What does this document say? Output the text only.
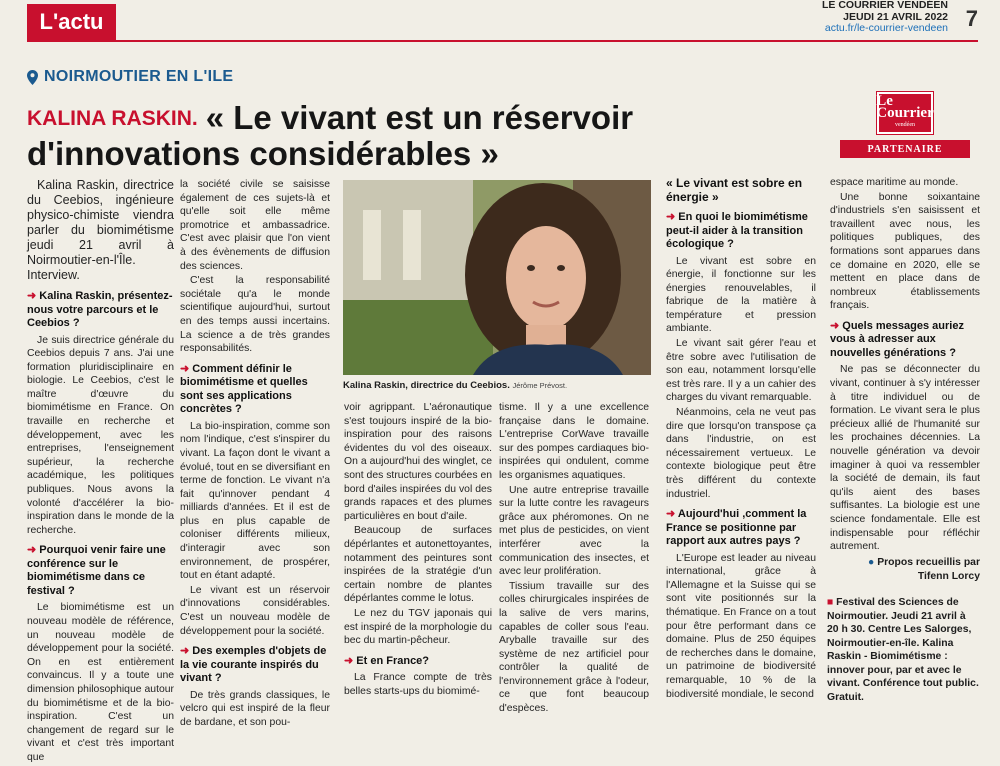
L'actu
LE COURRIER VENDÉEN
JEUDI 21 AVRIL 2022
actu.fr/le-courrier-vendeen 7
NOIRMOUTIER EN L'ILE
KALINA RASKIN. « Le vivant est un réservoir d'innovations considérables »
Le Courrier
vendéen
PARTENAIRE

Kalina Raskin, directrice du Ceebios, ingénieure physico-chimiste viendra parler du biomimétisme jeudi 21 avril à Noirmoutier-en-l'Île. Interview.

➜ Kalina Raskin, présentez-nous votre parcours et le Ceebios ?

Je suis directrice générale du Ceebios depuis 7 ans. J'ai une formation pluridisciplinaire en biologie. Le Ceebios, c'est le maître d'œuvre du biomimétisme en France. On travaille en recherche et développement, avec les entreprises, l'enseignement supérieur, la recherche académique, les politiques publiques. Nous avons la volonté d'accélérer la bio-inspiration dans le monde de la recherche.

➜ Pourquoi venir faire une conférence sur le biomimétisme dans ce festival ?

Le biomimétisme est un nouveau modèle de référence, un nouveau modèle de développement pour la société. On en est entièrement convaincus. Il y a toute une dimension philosophique autour du biomimétisme et de la bio-inspiration. C'est un changement de regard sur le vivant et c'est très important que

la société civile se saisisse également de ces sujets-là et qu'elle soit elle même promotrice et ambassadrice. C'est avec plaisir que l'on vient à des évènements de diffusion des sciences.

C'est la responsabilité sociétale qu'a le monde scientifique aujourd'hui, surtout en des temps aussi incertains. La science a de très grandes responsabilités.

➜ Comment définir le biomimétisme et quelles sont ses applications concrètes ?

La bio-inspiration, comme son nom l'indique, c'est s'inspirer du vivant. La façon dont le vivant a évolué, tout en se diversifiant en terme de fonction. Le vivant n'a fait qu'innover pendant 4 milliards d'années. Et il est de plus en plus capable de coloniser différents milieux, d'interagir avec son environnement, de prospérer, tout en étant adapté.

Le vivant est un réservoir d'innovations considérables. C'est un nouveau modèle de développement pour la société.

➜ Des exemples d'objets de la vie courante inspirés du vivant ?

De très grands classiques, le velcro qui est inspiré de la fleur de bardane, et son pou-

Kalina Raskin, directrice du Ceebios. Jérôme Prévost.

voir agrippant. L'aéronautique s'est toujours inspiré de la bio-inspiration pour des raisons évidentes du vol des oiseaux. On a aujourd'hui des winglet, ce sont des structures courbées en bord d'ailes inspirées du vol des grands rapaces et des plumes particulières en bout d'aile.

Beaucoup de surfaces dépérlantes et autonettoyantes, notamment des peintures sont inspirées de la stratégie d'un certain nombre de plantes dépérlantes comme le lotus.

Le nez du TGV japonais qui est inspiré de la morphologie du bec du martin-pêcheur.

➜ Et en France?

La France compte de très belles starts-ups du biomimé-

tisme. Il y a une excellence française dans le domaine. L'entreprise CorWave travaille sur des pompes cardiaques bio-inspirées qui ondulent, comme les organismes aquatiques.

Une autre entreprise travaille sur la lutte contre les ravageurs grâce aux phéromones. On ne met plus de pesticides, on vient interférer avec la communication des insectes, et avec leur prolifération.

Tissium travaille sur des colles chirurgicales inspirées de la salive de vers marins, capables de coller sous l'eau. Aryballe travaille sur des système de nez artificiel pour contrôler la qualité de l'environnement grâce à l'odeur, ce que font beaucoup d'espèces.

« Le vivant est sobre en énergie »
➜ En quoi le biomimétisme peut-il aider à la transition écologique ?

Le vivant est sobre en énergie, il fonctionne sur les énergies renouvelables, il fabrique de la matière à température et pression ambiante.

Le vivant sait gérer l'eau et être sobre avec l'utilisation de son eau, notamment lorsqu'elle est très rare. Il y a un cahier des charges du vivant remarquable.

Néanmoins, cela ne veut pas dire que lorsqu'on transpose ça dans l'industrie, on est nécessairement vertueux. Le contexte biologique peut être très différent du contexte industriel.

➜ Aujourd'hui ,comment la France se positionne par rapport aux autres pays ?

L'Europe est leader au niveau international, grâce à l'Allemagne et la Suisse qui se sont vite positionnés sur la thématique. En France on a tout pour être performant dans ce domaine. Plus de 250 équipes de recherches dans le domaine, un patrimoine de biodiversité remarquable, 10 % de la biodiversité mondiale, le second

espace maritime au monde.

Une bonne soixantaine d'industriels s'en saisissent et travaillent avec nous, les politiques publiques, des formations sont apparues dans ce domaine en 2020, elle se mettent en place dans de nombreux établissements français.

➜ Quels messages auriez vous à adresser aux nouvelles générations ?

Ne pas se déconnecter du vivant, continuer à s'y intéresser à titre individuel ou de formation. Le vivant sera le plus précieux allié de l'humanité sur les prochaines décennies. La nouvelle génération va devoir imaginer à quoi va ressembler la société de demain, ils faut qu'ils aient des bases suffisantes. La biologie est une science fondamentale. Elle est indispensable pour réfléchir autrement.

● Propos recueillis par Tifenn Lorcy
■ Festival des Sciences de Noirmoutier. Jeudi 21 avril à 20 h 30. Centre Les Salorges, Noirmoutier-en-île. Kalina Raskin - Biomimétisme : innover pour, par et avec le vivant. Conférence tout public. Gratuit.
